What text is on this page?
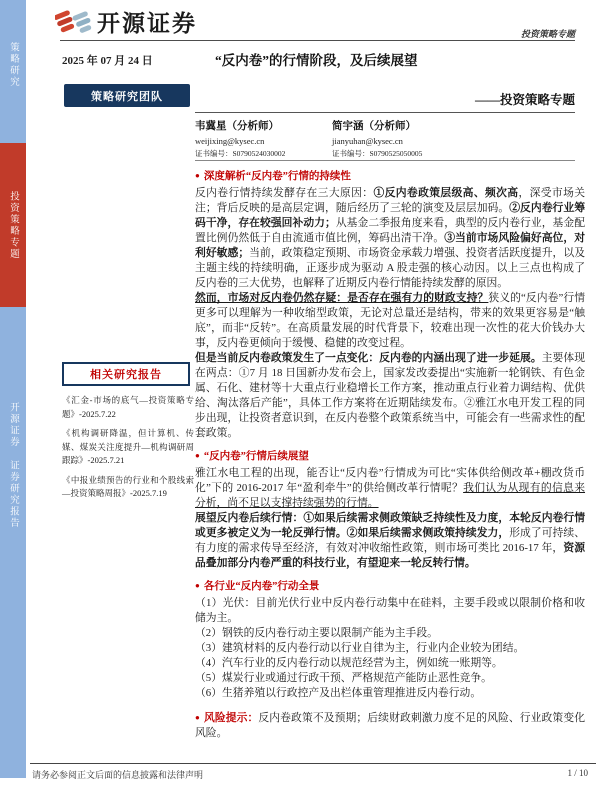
策略研究
投资策略专题
开源证券 证券研究报告
开源证券	投资策略专题
2025 年 07 月 24 日	“反内卷”的行情阶段，及后续展望
策略研究团队	——投资策略专题
韦冀星（分析师）
weijixing@kysec.cn
证书编号：S0790524030002
简宇涵（分析师）
jianyuhan@kysec.cn
证书编号：S0790525050005
相关研究报告
《汇金-市场的底气—投资策略专题》-2025.7.22
《机构调研降温，但计算机、传媒、煤炭关注度提升—机构调研周跟踪》-2025.7.21
《中报业绩预告的行业和个股线索—投资策略周报》-2025.7.19
● 深度解析“反内卷”行情的持续性
反内卷行情持续发酵存在三大原因：①反内卷政策层级高、频次高，深受市场关注；背后反映的是高层定调，随后经历了三轮的演变及层层加码。②反内卷行业筹码干净，存在较强回补动力；从基金二季报角度来看，典型的反内卷行业，基金配置比例仍然低于自由流通市值比例，筹码出清干净。③当前市场风险偏好高位，对利好敏感；当前，政策稳定预期、市场资金承载力增强、投资者活跃度提升，以及主题主线的持续明确，正逐步成为驱动 A 股走强的核心动因。以上三点也构成了反内卷的三大优势，也解释了近期反内卷行情能持续发酵的原因。
然而，市场对反内卷仍然存疑：是否存在强有力的财政支持？狭义的“反内卷”行情更多可以理解为一种收缩型政策，无论对总量还是结构，带来的效果更容易是“触底”，而非“反转”。在高质量发展的时代背景下，较难出现一次性的花大价钱办大事，反内卷更倾向于缓慢、稳健的改变过程。
但是当前反内卷政策发生了一点变化：反内卷的内涵出现了进一步延展。主要体现在两点：①7 月 18 日国新办发布会上，国家发改委提出“实施新一轮钢铁、有色金属、石化、建材等十大重点行业稳增长工作方案，推动重点行业着力调结构、优供给、淘汰落后产能”，具体工作方案将在近期陆续发布。②雅江水电开发工程的同步出现，让投资者意识到，在反内卷整个政策系统当中，可能会有一些需求性的配套政策。
● “反内卷”行情后续展望
雅江水电工程的出现，能否让“反内卷”行情成为可比“实体供给侧改革+棚改货币化”下的 2016-2017 年“盈利牵牛”的供给侧改革行情呢？我们认为从现有的信息来分析，尚不足以支撑持续强势的行情。
展望反内卷后续行情：①如果后续需求侧政策缺乏持续性及力度，本轮反内卷行情或更多被定义为一轮反弹行情。②如果后续需求侧政策持续发力，形成了可持续、有力度的需求传导至经济，有效对冲收缩性政策，则市场可类比 2016-17 年，资源品叠加部分内卷严重的科技行业，有望迎来一轮反转行情。
● 各行业“反内卷”行动全景
（1）光伏：目前光伏行业中反内卷行动集中在硅料，主要手段或以限制价格和收储为主。
（2）钢铁的反内卷行动主要以限制产能为主手段。
（3）建筑材料的反内卷行动以行业自律为主，行业内企业较为团结。
（4）汽车行业的反内卷行动以规范经营为主，例如统一账期等。
（5）煤炭行业或通过行政干预、严格规范产能防止恶性竞争。
（6）生猪养殖以行政控产及出栏体重管理推进反内卷行动。
● 风险提示：反内卷政策不及预期；后续财政刺激力度不足的风险、行业政策变化风险。
请务必参阅正文后面的信息披露和法律声明	1 / 10
